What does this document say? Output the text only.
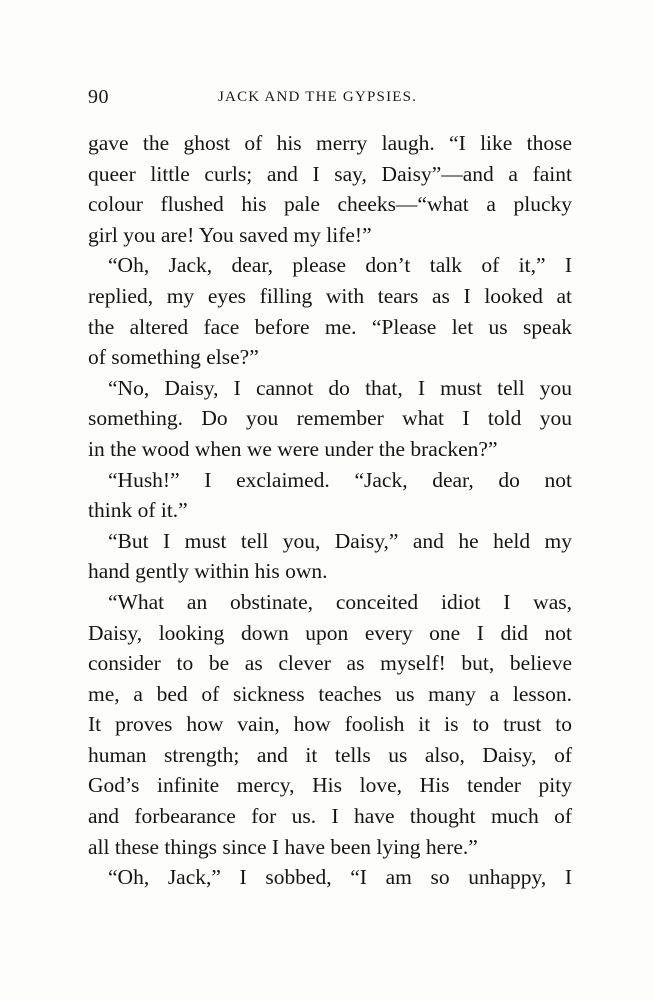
90	JACK AND THE GYPSIES.
gave the ghost of his merry laugh. “I like those
queer little curls; and I say, Daisy”—and a faint
colour flushed his pale cheeks—“what a plucky
girl you are! You saved my life!”
“Oh, Jack, dear, please don’t talk of it,” I
replied, my eyes filling with tears as I looked at
the altered face before me. “Please let us speak
of something else?”
“No, Daisy, I cannot do that, I must tell you
something. Do you remember what I told you
in the wood when we were under the bracken?”
“Hush!” I exclaimed. “Jack, dear, do not
think of it.”
“But I must tell you, Daisy,” and he held my
hand gently within his own.
“What an obstinate, conceited idiot I was,
Daisy, looking down upon every one I did not
consider to be as clever as myself! but, believe
me, a bed of sickness teaches us many a lesson.
It proves how vain, how foolish it is to trust to
human strength; and it tells us also, Daisy, of
God’s infinite mercy, His love, His tender pity
and forbearance for us. I have thought much of
all these things since I have been lying here.”
“Oh, Jack,” I sobbed, “I am so unhappy, I
